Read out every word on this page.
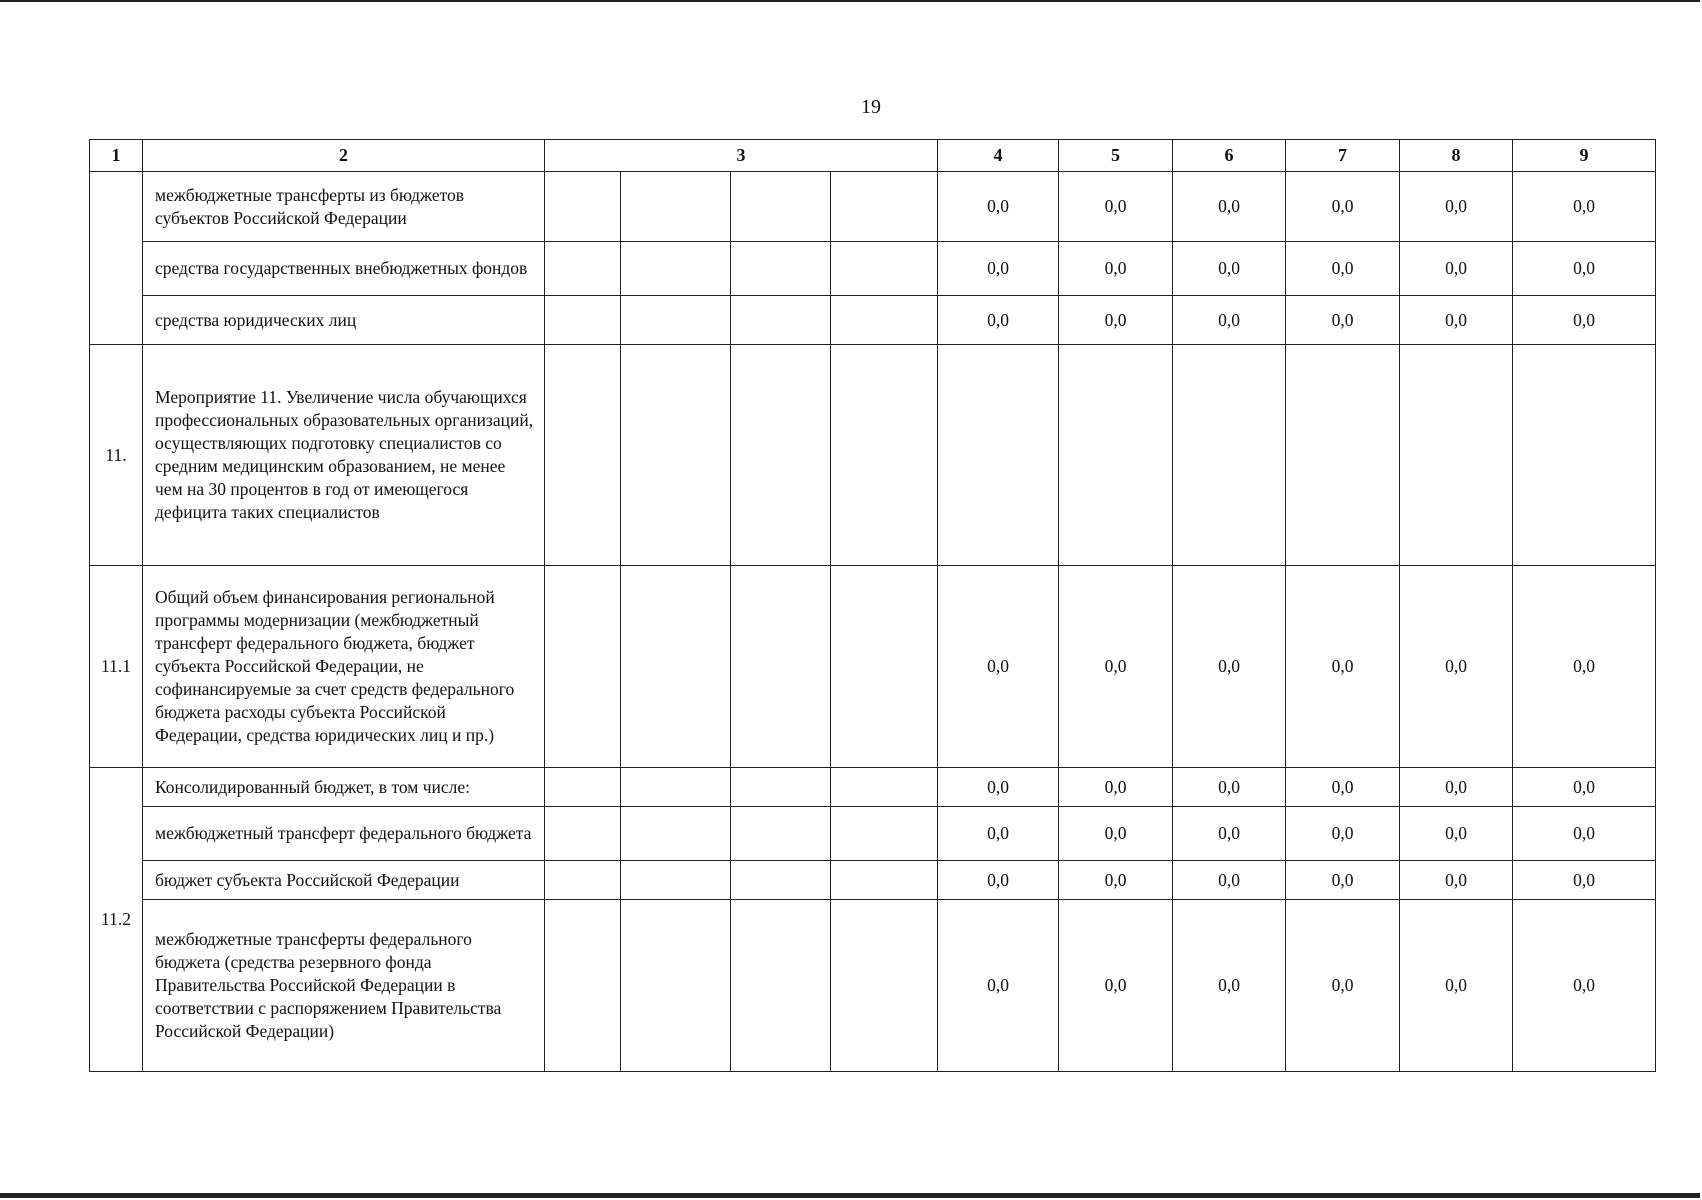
19
1	2	3				4	5	6	7	8	9
	межбюджетные трансферты из бюджетов субъектов Российской Федерации					0,0	0,0	0,0	0,0	0,0	0,0
	средства государственных внебюджетных фондов					0,0	0,0	0,0	0,0	0,0	0,0
	средства юридических лиц					0,0	0,0	0,0	0,0	0,0	0,0
11.	Мероприятие 11. Увеличение числа обучающихся профессиональных образовательных организаций, осуществляющих подготовку специалистов со средним медицинским образованием, не менее чем на 30 процентов в год от имеющегося дефицита таких специалистов										
11.1	Общий объем финансирования региональной программы модернизации (межбюджетный трансферт федерального бюджета, бюджет субъекта Российской Федерации, не софинансируемые за счет средств федерального бюджета расходы субъекта Российской Федерации, средства юридических лиц и пр.)					0,0	0,0	0,0	0,0	0,0	0,0
11.2	Консолидированный бюджет, в том числе:					0,0	0,0	0,0	0,0	0,0	0,0
	межбюджетный трансферт федерального бюджета					0,0	0,0	0,0	0,0	0,0	0,0
	бюджет субъекта Российской Федерации					0,0	0,0	0,0	0,0	0,0	0,0
	межбюджетные трансферты федерального бюджета (средства резервного фонда Правительства Российской Федерации в соответствии с распоряжением Правительства Российской Федерации)					0,0	0,0	0,0	0,0	0,0	0,0
